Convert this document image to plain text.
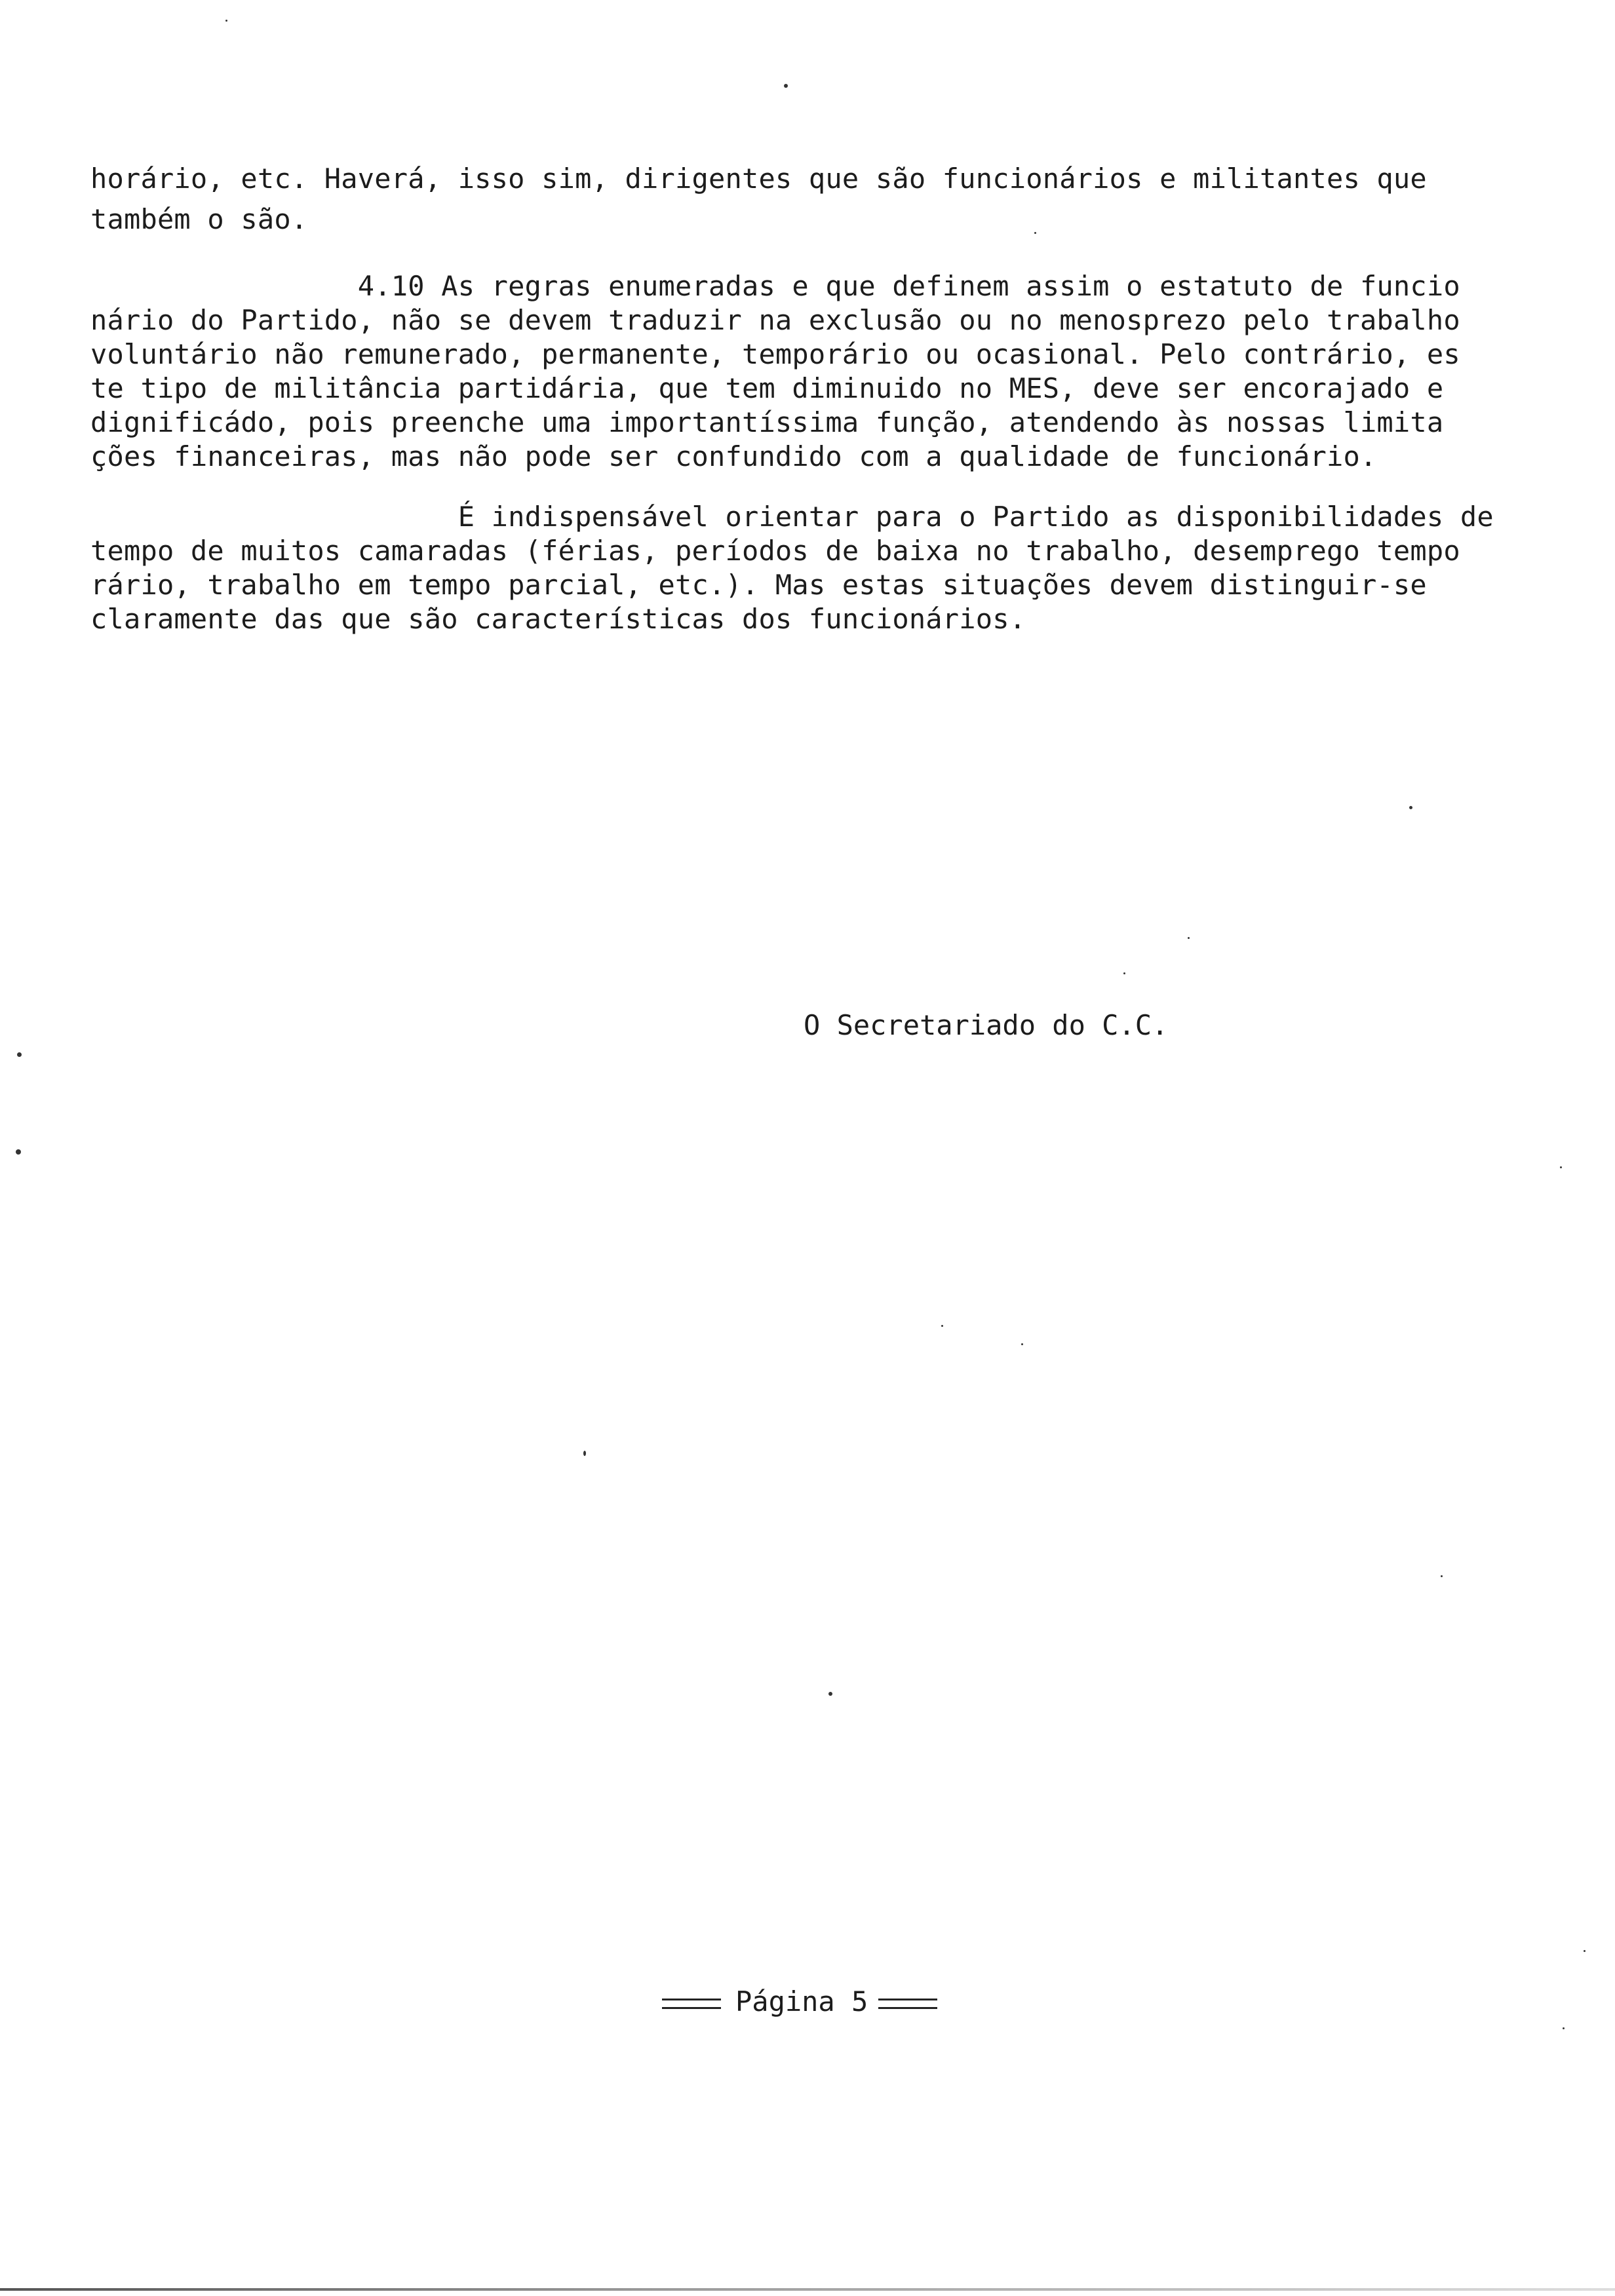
horário, etc. Haverá, isso sim, dirigentes que são funcionários e militantes que
também o são.
4.10 As regras enumeradas e que definem assim o estatuto de funcio
nário do Partido, não se devem traduzir na exclusão ou no menosprezo pelo trabalho
voluntário não remunerado, permanente, temporário ou ocasional. Pelo contrário, es
te tipo de militância partidária, que tem diminuido no MES, deve ser encorajado e
dignificádo, pois preenche uma importantíssima função, atendendo às nossas limita
ções financeiras, mas não pode ser confundido com a qualidade de funcionário.
É indispensável orientar para o Partido as disponibilidades de
tempo de muitos camaradas (férias, períodos de baixa no trabalho, desemprego tempo
rário, trabalho em tempo parcial, etc.). Mas estas situações devem distinguir-se
claramente das que são características dos funcionários.
O Secretariado do C.C.

Página 5
